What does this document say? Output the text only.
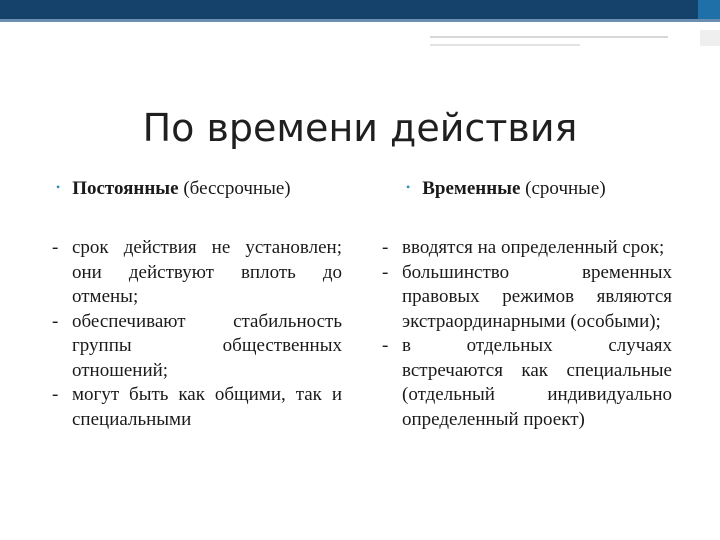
По времени действия
• Постоянные (бессрочные)	• Временные (срочные)
- срок действия не установлен; они действуют вплоть до отмены;
- обеспечивают стабильность группы общественных отношений;
- могут быть как общими, так и специальными
- вводятся на определенный срок;
- большинство временных правовых режимов являются экстраординарными (особыми);
- в отдельных случаях встречаются как специальные (отдельный индивидуально определенный проект)
